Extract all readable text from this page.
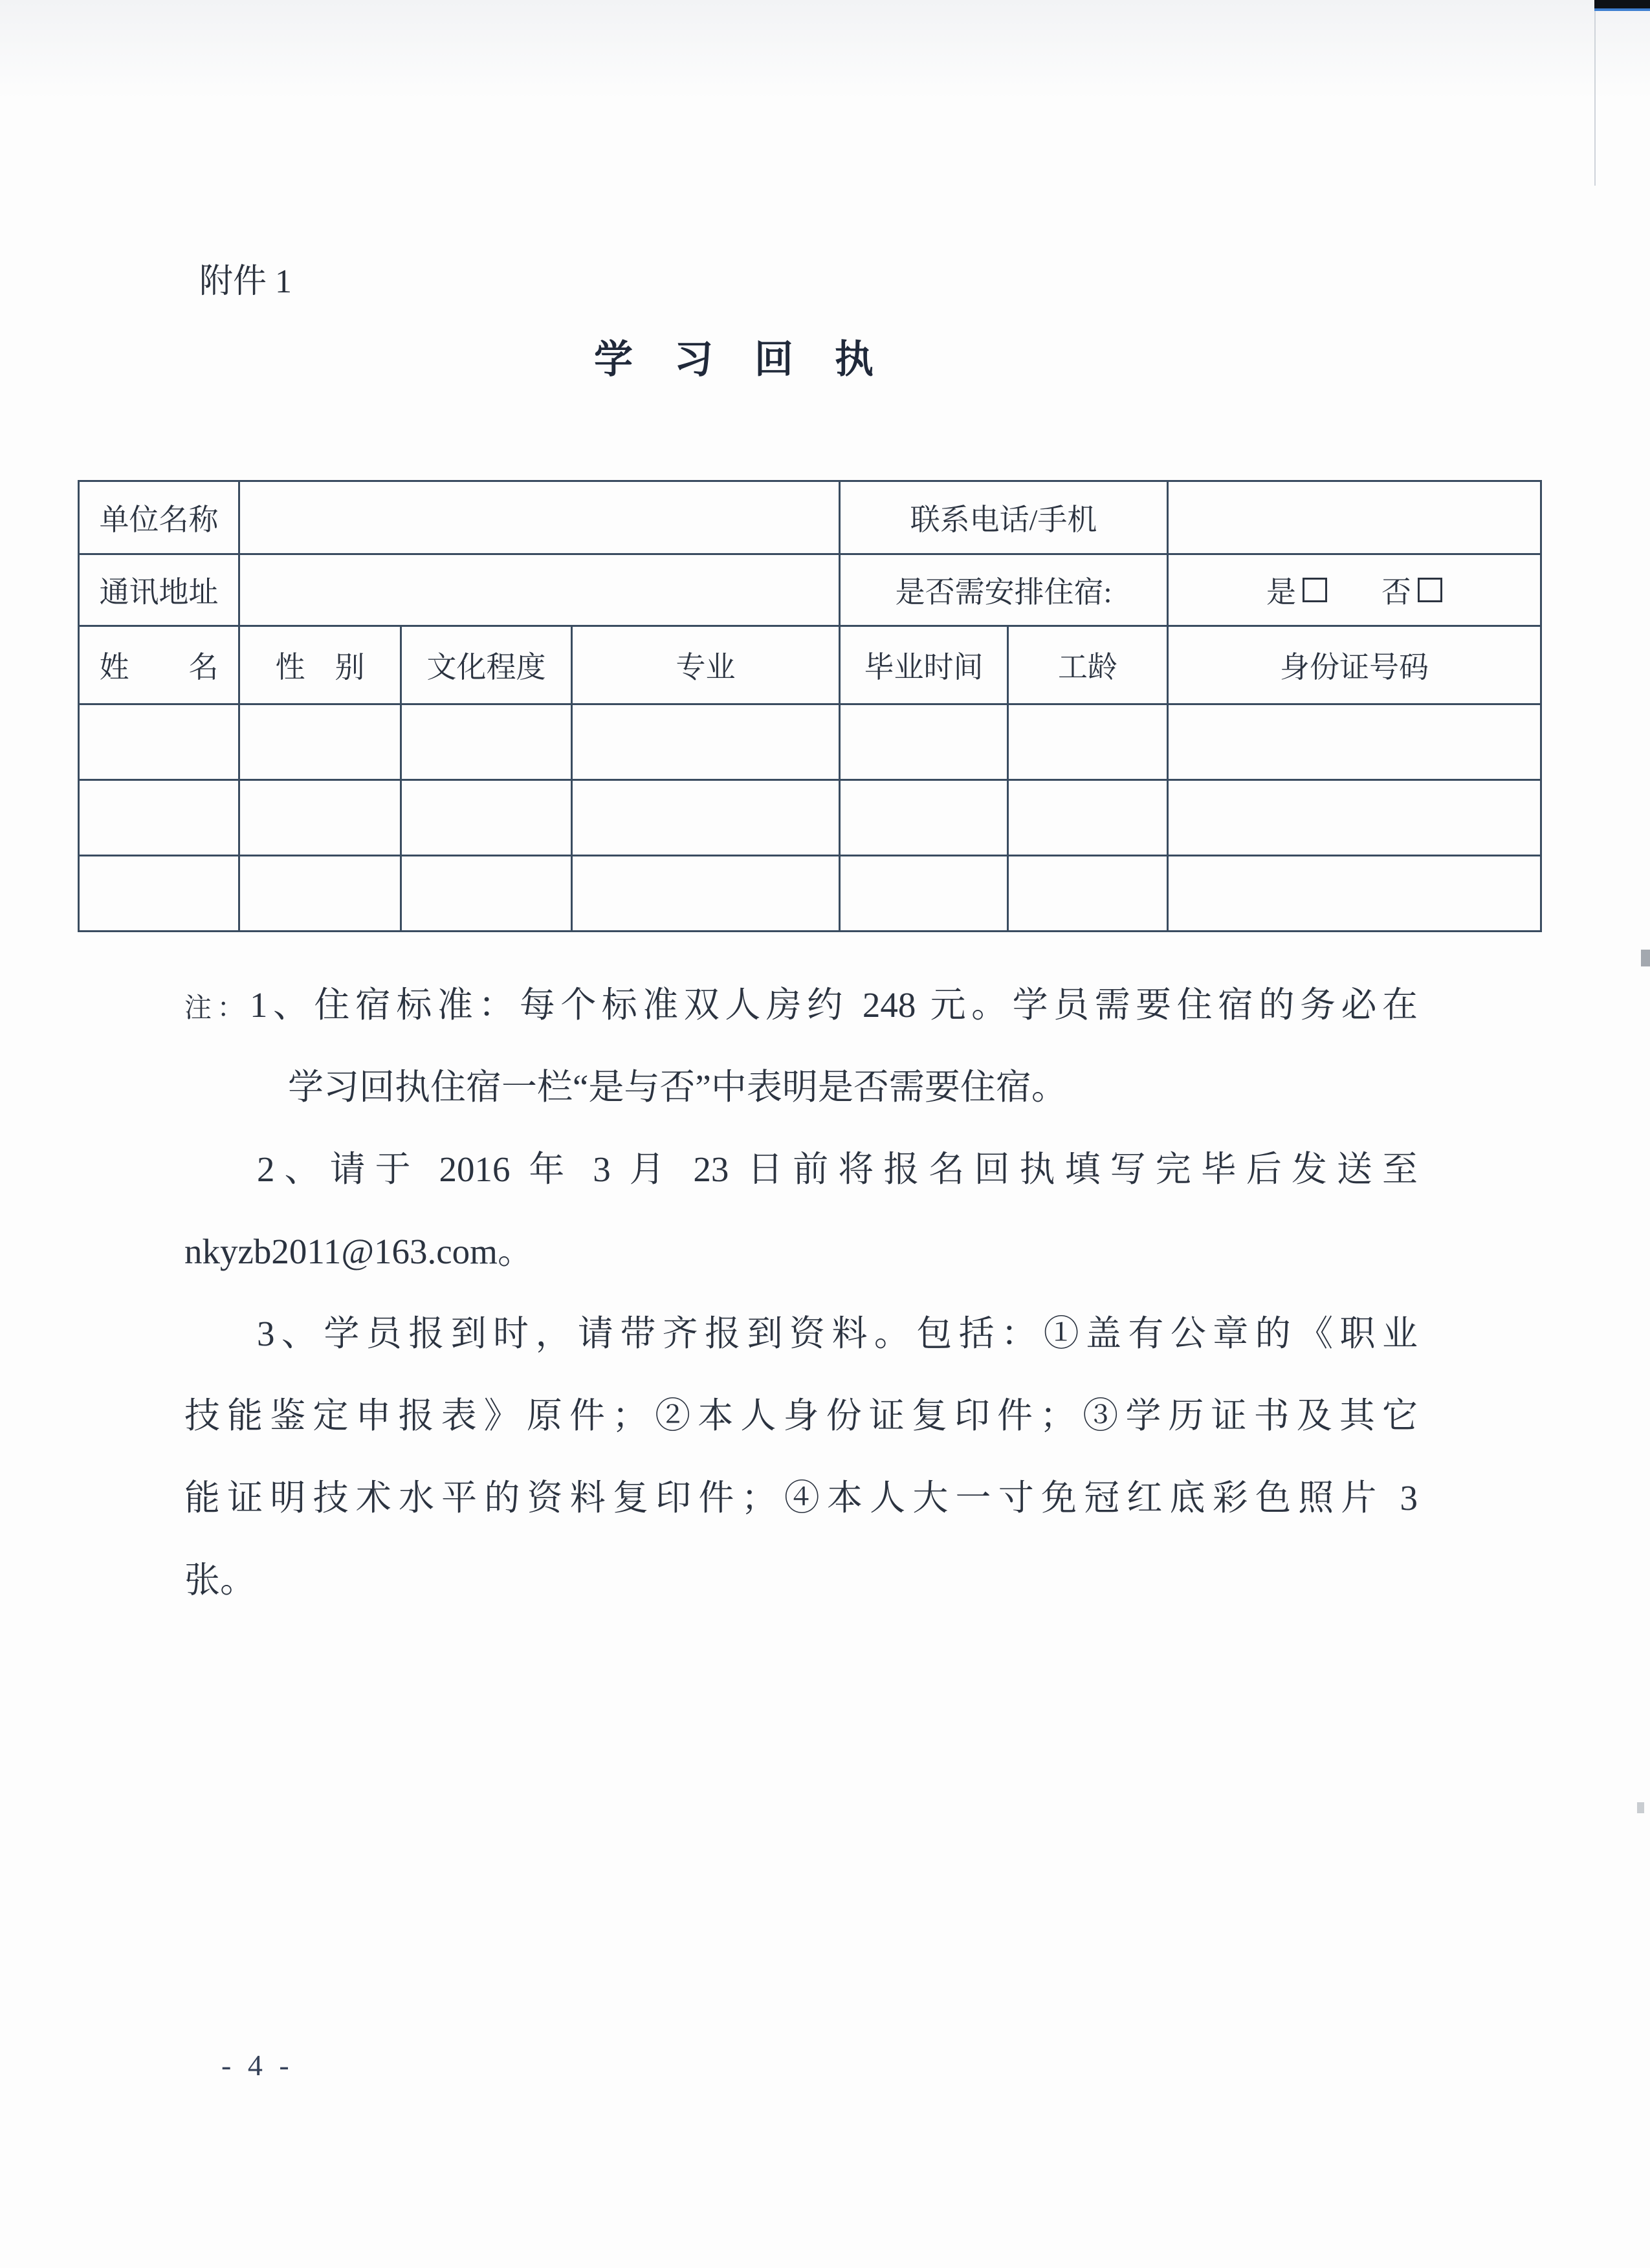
附件 1
学　习　回　执
单位名称				联系电话/手机		
通讯地址				是否需安排住宿:		是 否

姓　　名	性　别	文化程度	专业	毕业时间	工龄	身份证号码

注：1、住宿标准：每个标准双人房约 248 元。学员需要住宿的务必在
学习回执住宿一栏“是与否”中表明是否需要住宿。
2、请于 2016 年 3 月 23 日前将报名回执填写完毕后发送至
nkyzb2011@163.com。
3、学员报到时，请带齐报到资料。包括：①盖有公章的《职业
技能鉴定申报表》原件；②本人身份证复印件；③学历证书及其它
能证明技术水平的资料复印件；④本人大一寸免冠红底彩色照片 3
张。
- 4 -
